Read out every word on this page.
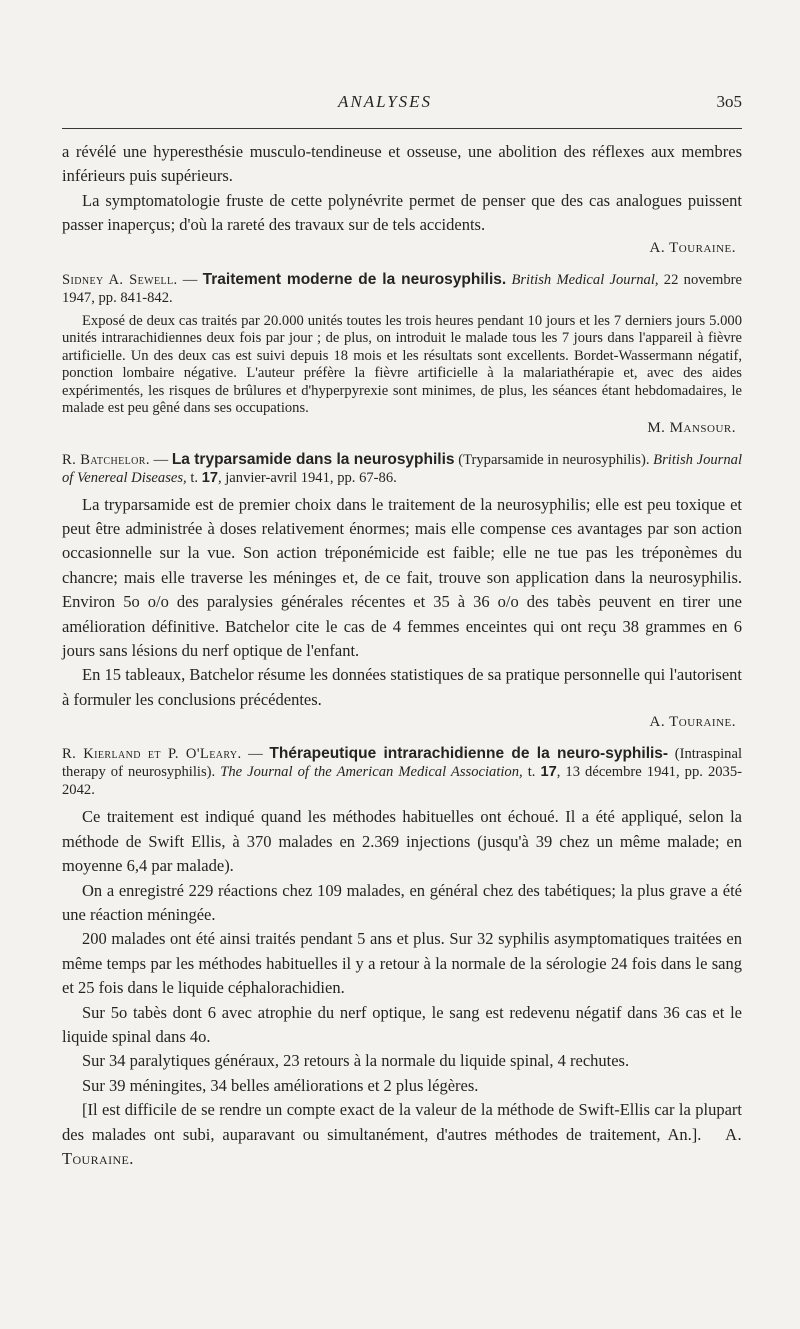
ANALYSES	3o5

a révélé une hyperesthésie musculo-tendineuse et osseuse, une abolition des réflexes aux membres inférieurs puis supérieurs.

La symptomatologie fruste de cette polynévrite permet de penser que des cas analogues puissent passer inaperçus; d'où la rareté des travaux sur de tels accidents.

A. Touraine.

Sidney A. Sewell. — Traitement moderne de la neurosyphilis. British Medical Journal, 22 novembre 1947, pp. 841-842.

Exposé de deux cas traités par 20.000 unités toutes les trois heures pendant 10 jours et les 7 derniers jours 5.000 unités intrarachidiennes deux fois par jour ; de plus, on introduit le malade tous les 7 jours dans l'appareil à fièvre artificielle. Un des deux cas est suivi depuis 18 mois et les résultats sont excellents. Bordet-Wassermann négatif, ponction lombaire négative. L'auteur préfère la fièvre artificielle à la malariathérapie et, avec des aides expérimentés, les risques de brûlures et d'hyperpyrexie sont minimes, de plus, les séances étant hebdomadaires, le malade est peu gêné dans ses occupations.

M. Mansour.

R. Batchelor. — La tryparsamide dans la neurosyphilis (Tryparsamide in neurosyphilis). British Journal of Venereal Diseases, t. 17, janvier-avril 1941, pp. 67-86.

La tryparsamide est de premier choix dans le traitement de la neurosyphilis; elle est peu toxique et peut être administrée à doses relativement énormes; mais elle compense ces avantages par son action occasionnelle sur la vue. Son action tréponémicide est faible; elle ne tue pas les tréponèmes du chancre; mais elle traverse les méninges et, de ce fait, trouve son application dans la neurosyphilis. Environ 5o o/o des paralysies générales récentes et 35 à 36 o/o des tabès peuvent en tirer une amélioration définitive. Batchelor cite le cas de 4 femmes enceintes qui ont reçu 38 grammes en 6 jours sans lésions du nerf optique de l'enfant.

En 15 tableaux, Batchelor résume les données statistiques de sa pratique personnelle qui l'autorisent à formuler les conclusions précédentes.

A. Touraine.

R. Kierland et P. O'Leary. — Thérapeutique intrarachidienne de la neuro-syphilis- (Intraspinal therapy of neurosyphilis). The Journal of the American Medical Association, t. 17, 13 décembre 1941, pp. 2035-2042.

Ce traitement est indiqué quand les méthodes habituelles ont échoué. Il a été appliqué, selon la méthode de Swift Ellis, à 370 malades en 2.369 injections (jusqu'à 39 chez un même malade; en moyenne 6,4 par malade).

On a enregistré 229 réactions chez 109 malades, en général chez des tabétiques; la plus grave a été une réaction méningée.

200 malades ont été ainsi traités pendant 5 ans et plus. Sur 32 syphilis asymptomatiques traitées en même temps par les méthodes habituelles il y a retour à la normale de la sérologie 24 fois dans le sang et 25 fois dans le liquide céphalorachidien.

Sur 5o tabès dont 6 avec atrophie du nerf optique, le sang est redevenu négatif dans 36 cas et le liquide spinal dans 4o.

Sur 34 paralytiques généraux, 23 retours à la normale du liquide spinal, 4 rechutes.

Sur 39 méningites, 34 belles améliorations et 2 plus légères.

[Il est difficile de se rendre un compte exact de la valeur de la méthode de Swift-Ellis car la plupart des malades ont subi, auparavant ou simultanément, d'autres méthodes de traitement, An.]. A. Touraine.
